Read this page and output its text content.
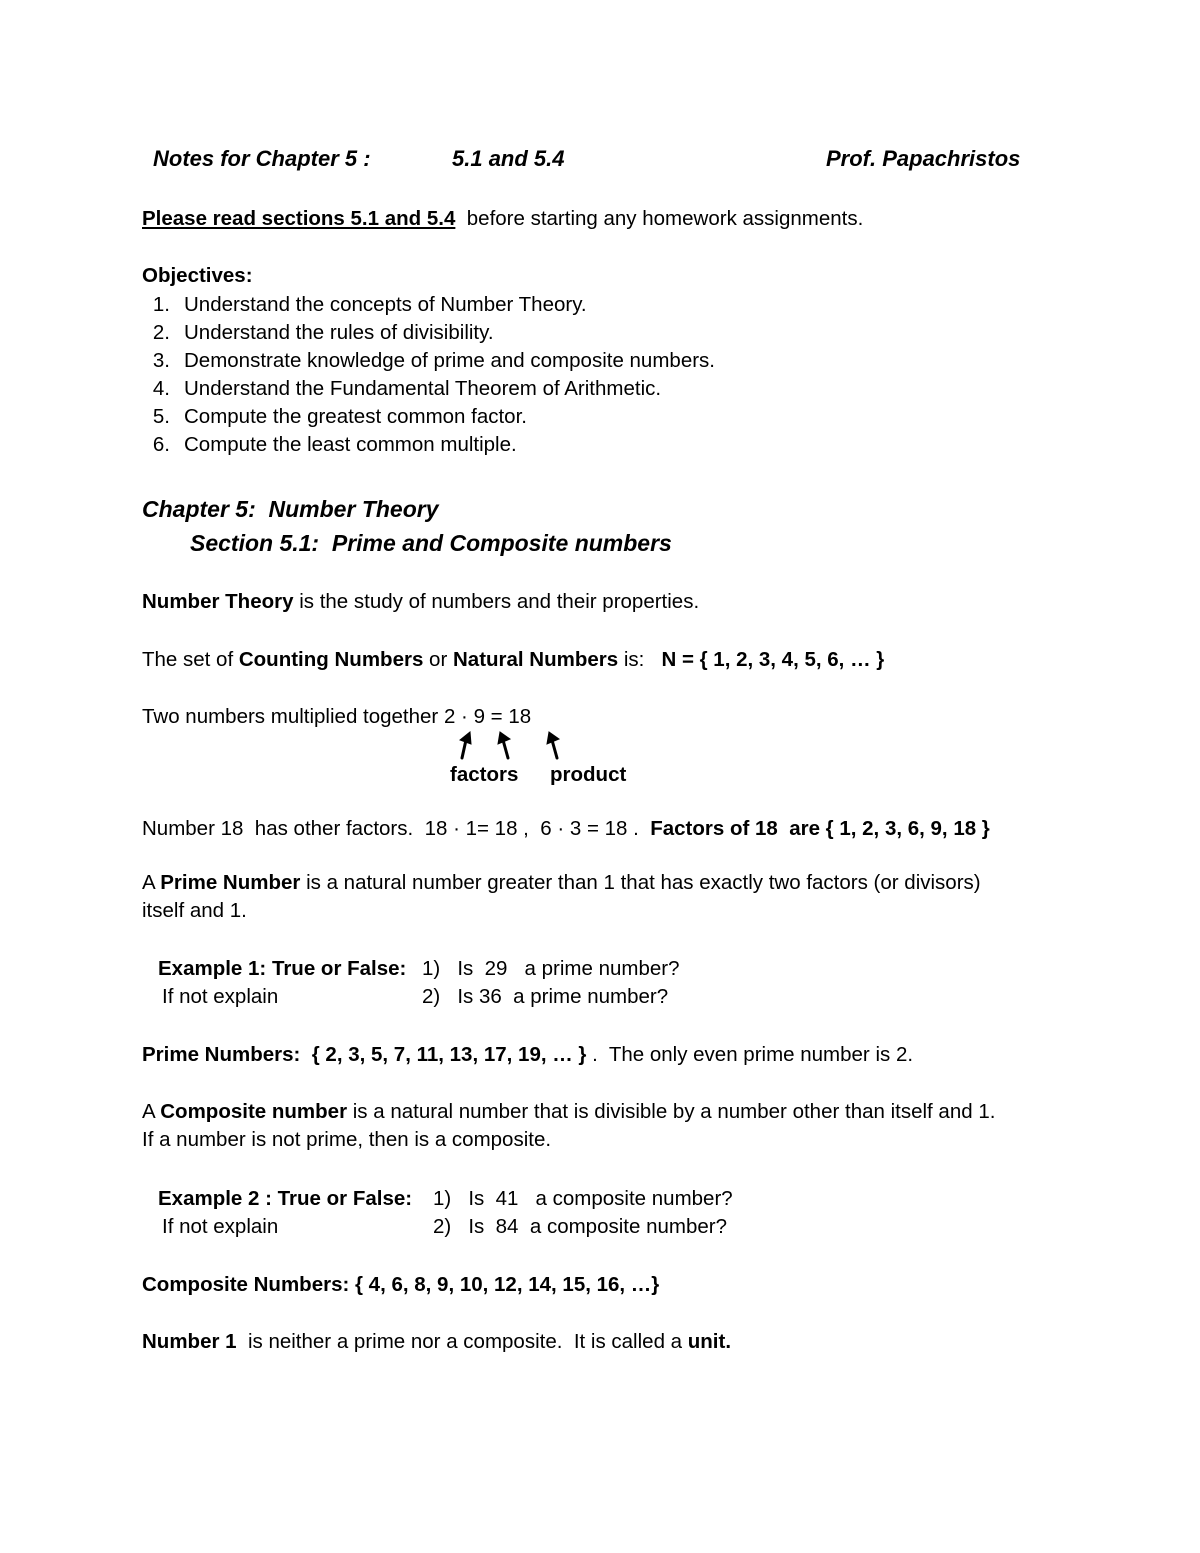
Notes for Chapter 5 :	5.1 and 5.4	Prof. Papachristos
Please read sections 5.1 and 5.4  before starting any homework assignments.
Objectives:
1. Understand the concepts of Number Theory.
2. Understand the rules of divisibility.
3. Demonstrate knowledge of prime and composite numbers.
4. Understand the Fundamental Theorem of Arithmetic.
5. Compute the greatest common factor.
6. Compute the least common multiple.
Chapter 5:  Number Theory
Section 5.1:  Prime and Composite numbers
Number Theory is the study of numbers and their properties.
The set of Counting Numbers or Natural Numbers is:   N = { 1, 2, 3, 4, 5, 6, … }
Two numbers multiplied together 2 · 9 = 18
factors product
Number 18  has other factors.  18 · 1= 18 ,  6 · 3 = 18 .  Factors of 18  are { 1, 2, 3, 6, 9, 18 }
A Prime Number is a natural number greater than 1 that has exactly two factors (or divisors)
itself and 1.
Example 1: True or False: 1)   Is  29   a prime number?
If not explain	2)   Is 36  a prime number?
Prime Numbers:  { 2, 3, 5, 7, 11, 13, 17, 19, … } .  The only even prime number is 2.
A Composite number is a natural number that is divisible by a number other than itself and 1.
If a number is not prime, then is a composite.
Example 2 : True or False: 1)   Is  41   a composite number?
If not explain	2)   Is  84  a composite number?
Composite Numbers: { 4, 6, 8, 9, 10, 12, 14, 15, 16, …}
Number 1  is neither a prime nor a composite.  It is called a unit.
